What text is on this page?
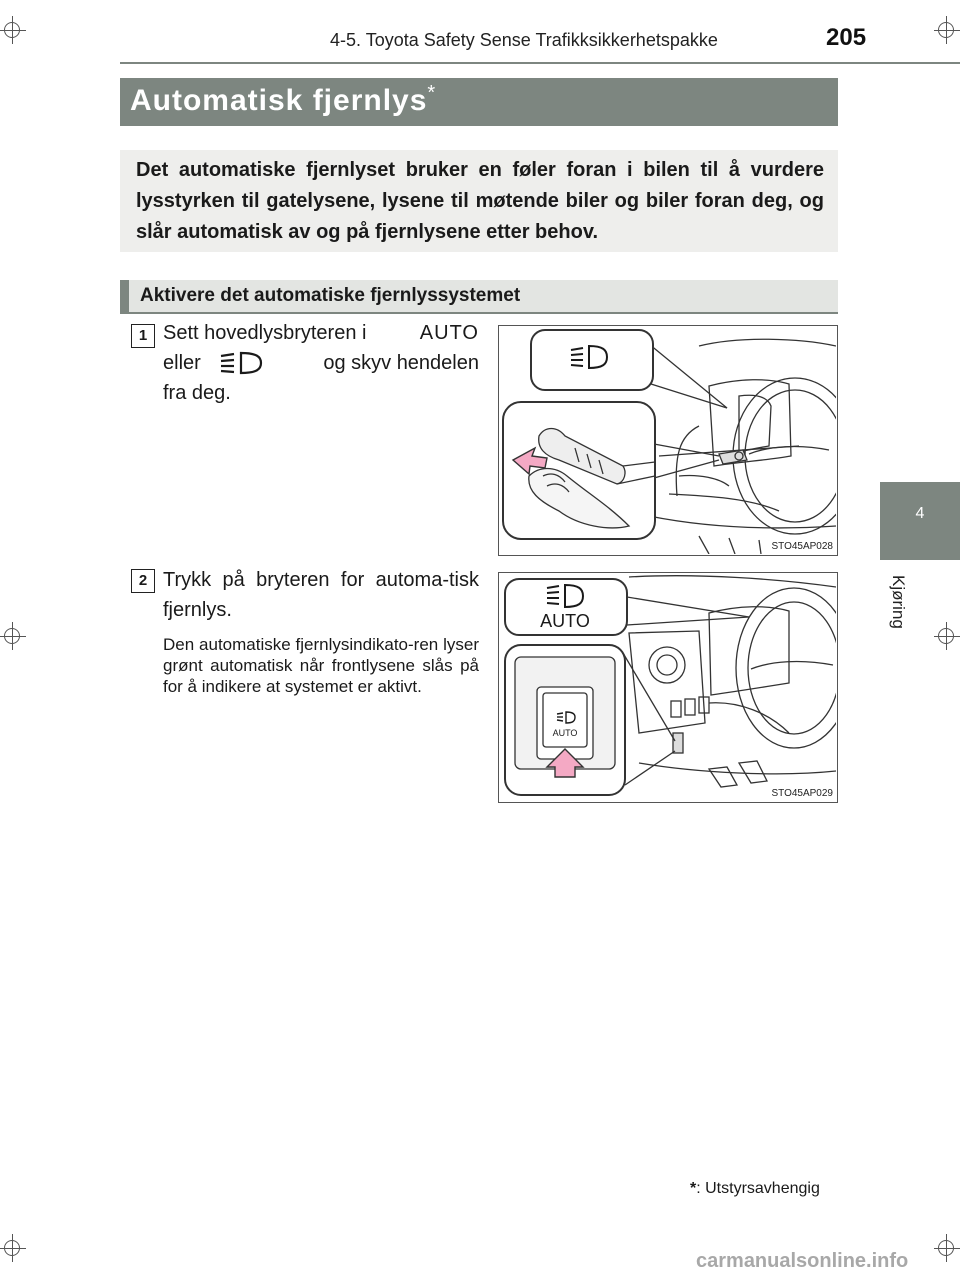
4-5. Toyota Safety Sense Trafikksikkerhetspakke	205
4
Kjøring
Automatisk fjernlys*
Det automatiske fjernlyset bruker en føler foran i bilen til å vurdere lysstyrken til gatelysene, lysene til møtende biler og biler foran deg, og slår automatisk av og på fjernlysene etter behov.
Aktivere det automatiske fjernlyssystemet
1 Sett hovedlysbryteren i	AUTO
eller	og skyv hendelen
fra deg.
STO45AP028
2 Trykk på bryteren for automa-tisk fjernlys.
Den automatiske fjernlysindikato-ren lyser grønt automatisk når frontlysene slås på for å indikere at systemet er aktivt.
AUTO
AUTO
STO45AP029
*: Utstyrsavhengig
carmanualsonline.info
